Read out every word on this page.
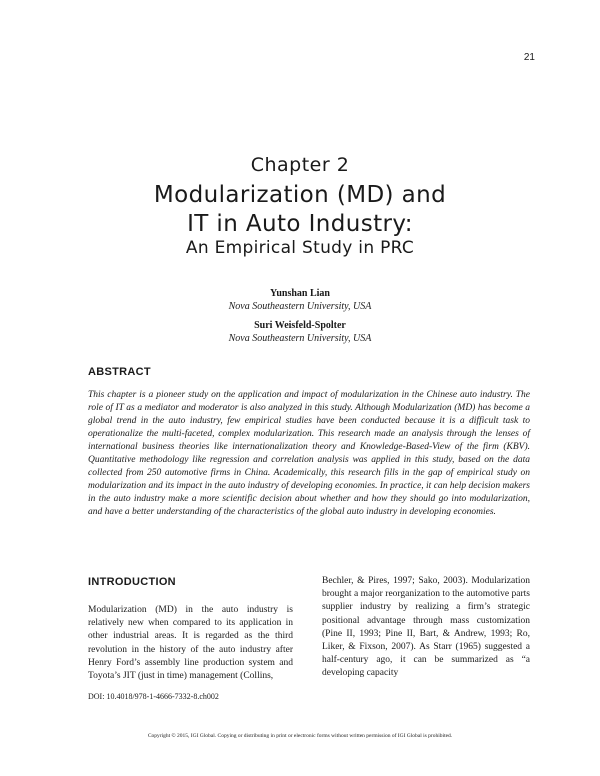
21
Chapter 2
Modularization (MD) and
IT in Auto Industry:
An Empirical Study in PRC
Yunshan Lian
Nova Southeastern University, USA
Suri Weisfeld-Spolter
Nova Southeastern University, USA
ABSTRACT
This chapter is a pioneer study on the application and impact of modularization in the Chinese auto industry. The role of IT as a mediator and moderator is also analyzed in this study. Although Modularization (MD) has become a global trend in the auto industry, few empirical studies have been conducted because it is a difficult task to operationalize the multi-faceted, complex modularization. This research made an analysis through the lenses of international business theories like internationalization theory and Knowledge-Based-View of the firm (KBV). Quantitative methodology like regression and correlation analysis was applied in this study, based on the data collected from 250 automotive firms in China. Academically, this research fills in the gap of empirical study on modularization and its impact in the auto industry of developing economies. In practice, it can help decision makers in the auto industry make a more scientific decision about whether and how they should go into modularization, and have a better understanding of the characteristics of the global auto industry in developing economies.
INTRODUCTION
Modularization (MD) in the auto industry is relatively new when compared to its application in other industrial areas. It is regarded as the third revolution in the history of the auto industry after Henry Ford’s assembly line production system and Toyota’s JIT (just in time) management (Collins,
Bechler, & Pires, 1997; Sako, 2003). Modularization brought a major reorganization to the automotive parts supplier industry by realizing a firm’s strategic positional advantage through mass customization (Pine II, 1993; Pine II, Bart, & Andrew, 1993; Ro, Liker, & Fixson, 2007). As Starr (1965) suggested a half-century ago, it can be summarized as “a developing capacity
DOI: 10.4018/978-1-4666-7332-8.ch002
Copyright © 2015, IGI Global. Copying or distributing in print or electronic forms without written permission of IGI Global is prohibited.
